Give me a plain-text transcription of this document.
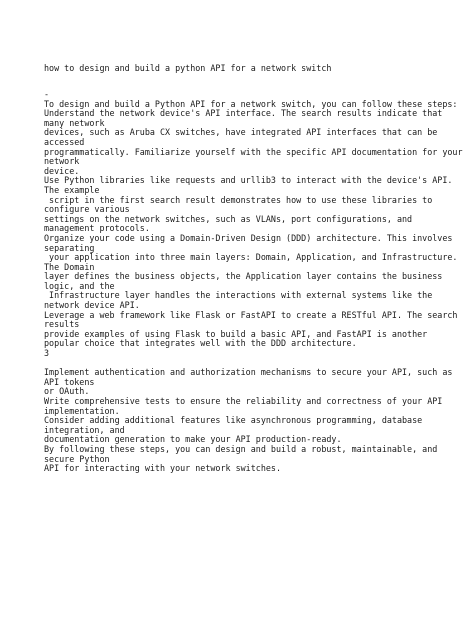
how to design and build a python API for a network switch
-
To design and build a Python API for a network switch, you can follow these steps:
Understand the network device's API interface. The search results indicate that
many network
devices, such as Aruba CX switches, have integrated API interfaces that can be
accessed
programmatically. Familiarize yourself with the specific API documentation for your
network
device.
Use Python libraries like requests and urllib3 to interact with the device's API.
The example
script in the first search result demonstrates how to use these libraries to
configure various
settings on the network switches, such as VLANs, port configurations, and
management protocols.
Organize your code using a Domain-Driven Design (DDD) architecture. This involves
separating
your application into three main layers: Domain, Application, and Infrastructure.
The Domain
layer defines the business objects, the Application layer contains the business
logic, and the
Infrastructure layer handles the interactions with external systems like the
network device API.
Leverage a web framework like Flask or FastAPI to create a RESTful API. The search
results
provide examples of using Flask to build a basic API, and FastAPI is another
popular choice that integrates well with the DDD architecture.
3
Implement authentication and authorization mechanisms to secure your API, such as
API tokens
or OAuth.
Write comprehensive tests to ensure the reliability and correctness of your API
implementation.
Consider adding additional features like asynchronous programming, database
integration, and
documentation generation to make your API production-ready.
By following these steps, you can design and build a robust, maintainable, and
secure Python
API for interacting with your network switches.
